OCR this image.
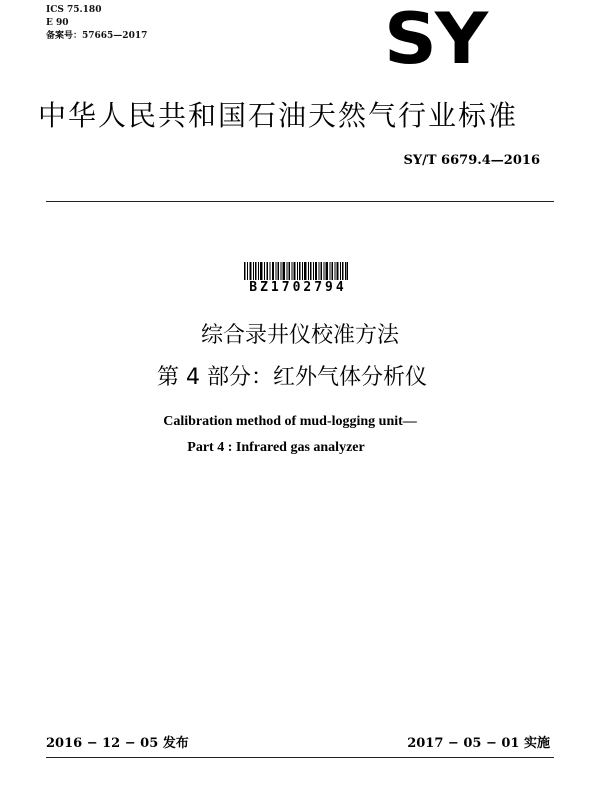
ICS 75.180
E 90
备案号：57665—2017	SY
中华人民共和国石油天然气行业标准
SY/T 6679.4—2016
BZ1702794
综合录井仪校准方法
第 4 部分：红外气体分析仪
Calibration method of mud-logging unit—
Part 4 : Infrared gas analyzer
2016 − 12 − 05 发布	2017 − 05 − 01 实施
